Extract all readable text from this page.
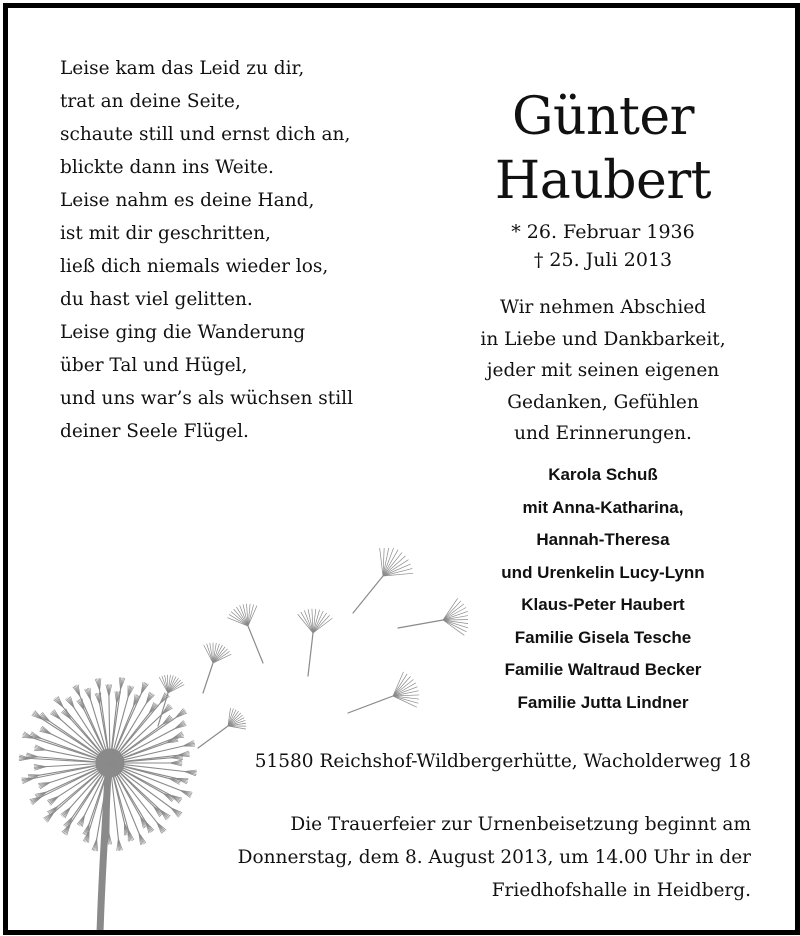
Leise kam das Leid zu dir,
trat an deine Seite,
schaute still und ernst dich an,
blickte dann ins Weite.
Leise nahm es deine Hand,
ist mit dir geschritten,
ließ dich niemals wieder los,
du hast viel gelitten.
Leise ging die Wanderung
über Tal und Hügel,
und uns war’s als wüchsen still
deiner Seele Flügel.
Günter
Haubert
* 26. Februar 1936
† 25. Juli 2013
Wir nehmen Abschied
in Liebe und Dankbarkeit,
jeder mit seinen eigenen
Gedanken, Gefühlen
und Erinnerungen.
Karola Schuß
mit Anna-Katharina,
Hannah-Theresa
und Urenkelin Lucy-Lynn
Klaus-Peter Haubert
Familie Gisela Tesche
Familie Waltraud Becker
Familie Jutta Lindner
51580 Reichshof-Wildbergerhütte, Wacholderweg 18
Die Trauerfeier zur Urnenbeisetzung beginnt am
Donnerstag, dem 8. August 2013, um 14.00 Uhr in der
Friedhofshalle in Heidberg.
